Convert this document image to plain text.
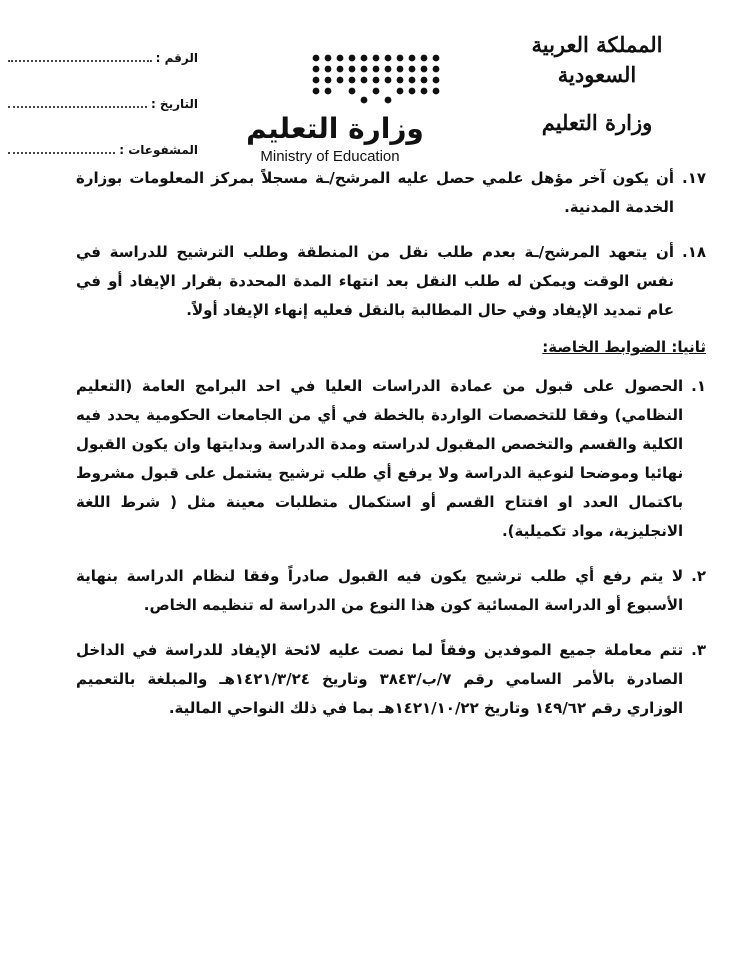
المملكة العربية السعودية
وزارة التعليم
وزارة التعليم
Ministry of Education
الرقم :
التاريخ :
المشفوعات :
١٧.
أن يكون آخر مؤهل علمي حصل عليه المرشح/ـة مسجلاً بمركز المعلومات بوزارة الخدمة المدنية.
١٨.
أن يتعهد المرشح/ـة بعدم طلب نقل من المنطقة وطلب الترشيح للدراسة في نفس الوقت ويمكن له طلب النقل بعد انتهاء المدة المحددة بقرار الإيفاد أو في عام تمديد الإيفاد وفي حال المطالبة بالنقل فعليه إنهاء الإيفاد أولاً.
ثانيا: الضوابط الخاصة:
١.
الحصول على قبول من عمادة الدراسات العليا في احد البرامج العامة (التعليم النظامي) وفقا للتخصصات الواردة بالخطة في أي من الجامعات الحكومية يحدد فيه الكلية والقسم والتخصص المقبول لدراسته ومدة الدراسة وبدايتها وان يكون القبول نهائيا وموضحا لنوعية الدراسة ولا يرفع أي طلب ترشيح يشتمل على قبول مشروط باكتمال العدد او افتتاح القسم أو استكمال متطلبات معينة مثل ( شرط اللغة الانجليزية، مواد تكميلية).
٢.
لا يتم رفع أي طلب ترشيح يكون فيه القبول صادراً وفقا لنظام الدراسة بنهاية الأسبوع أو الدراسة المسائية كون هذا النوع من الدراسة له تنظيمه الخاص.
٣.
تتم معاملة جميع الموفدين وفقاً لما نصت عليه لائحة الإيفاد للدراسة في الداخل الصادرة بالأمر السامي رقم ٧/ب/٣٨٤٣ وتاريخ ١٤٢١/٣/٢٤هـ والمبلغة بالتعميم الوزاري رقم ١٤٩/٦٢ وتاريخ ١٤٢١/١٠/٢٢هـ بما في ذلك النواحي المالية.
